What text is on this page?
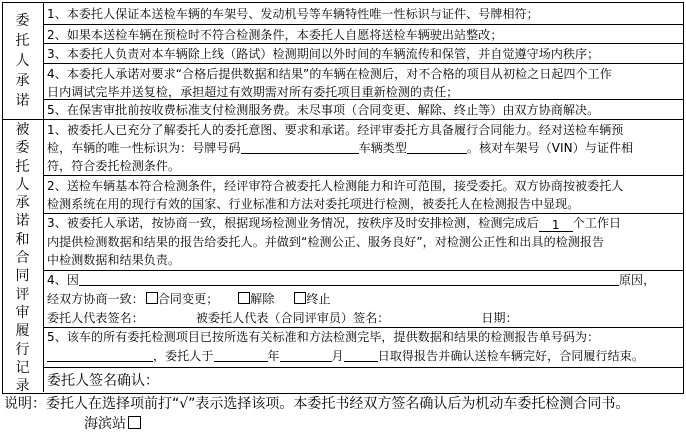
委
托
人
承
诺
1、本委托人保证本送检车辆的车架号、发动机号等车辆特性唯一性标识与证件、号牌相符；
2、如果本送检车辆在预检时不符合检测条件，本委托人自愿将送检车辆驶出站整改；
3、本委托人负责对本车辆除上线（路试）检测期间以外时间的车辆流传和保管，并自觉遵守场内秩序；
4、本委托人承诺对要求“合格后提供数据和结果”的车辆在检测后，对不合格的项目从初检之日起四个工作
日内调试完毕并送复检，承担超过有效期需对所有委托项目重新检测的责任；
5、在保害审批前按收费标准支付检测服务费。未尽事项（合同变更、解除、终止等）由双方协商解决。
被
委
托
人
承
诺
和
合
同
评
审
履
行
记
录
1、被委托人已充分了解委托人的委托意图、要求和承诺。经评审委托方具备履行合同能力。经对送检车辆预
检，车辆的唯一性标识为：号牌号码	车辆类型	。核对车架号（VIN）与证件相
符，符合委托检测条件。
2、送检车辆基本符合检测条件，经评审符合被委托人检测能力和许可范围，接受委托。双方协商按被委托人
检测系统在用的现行有效的国家、行业标准和方法对委托项进行检测，被委托人在检测报告中显现。
3、被委托人承诺，按协商一致，根据现场检测业务情况，按秩序及时安排检测，检测完成后 1 个工作日
内提供检测数据和结果的报告给委托人。并做到“检测公正、服务良好”，对检测公正性和出具的检测报告
中检测数据和结果负责。
4、因	原因，
经双方协商一致： 合同变更；	解除	终止
委托人代表签名：	被委托人代表（合同评审员）签名：	日期：
5、该车的所有委托检测项目已按所选有关标准和方法检测完毕，提供数据和结果的检测报告单号码为：
，委托人于	年	月	日取得报告并确认送检车辆完好，合同履行结束。
委托人签名确认：
说明：委托人在选择项前打“√”表示选择该项。本委托书经双方签名确认后为机动车委托检测合同书。
海滨站
